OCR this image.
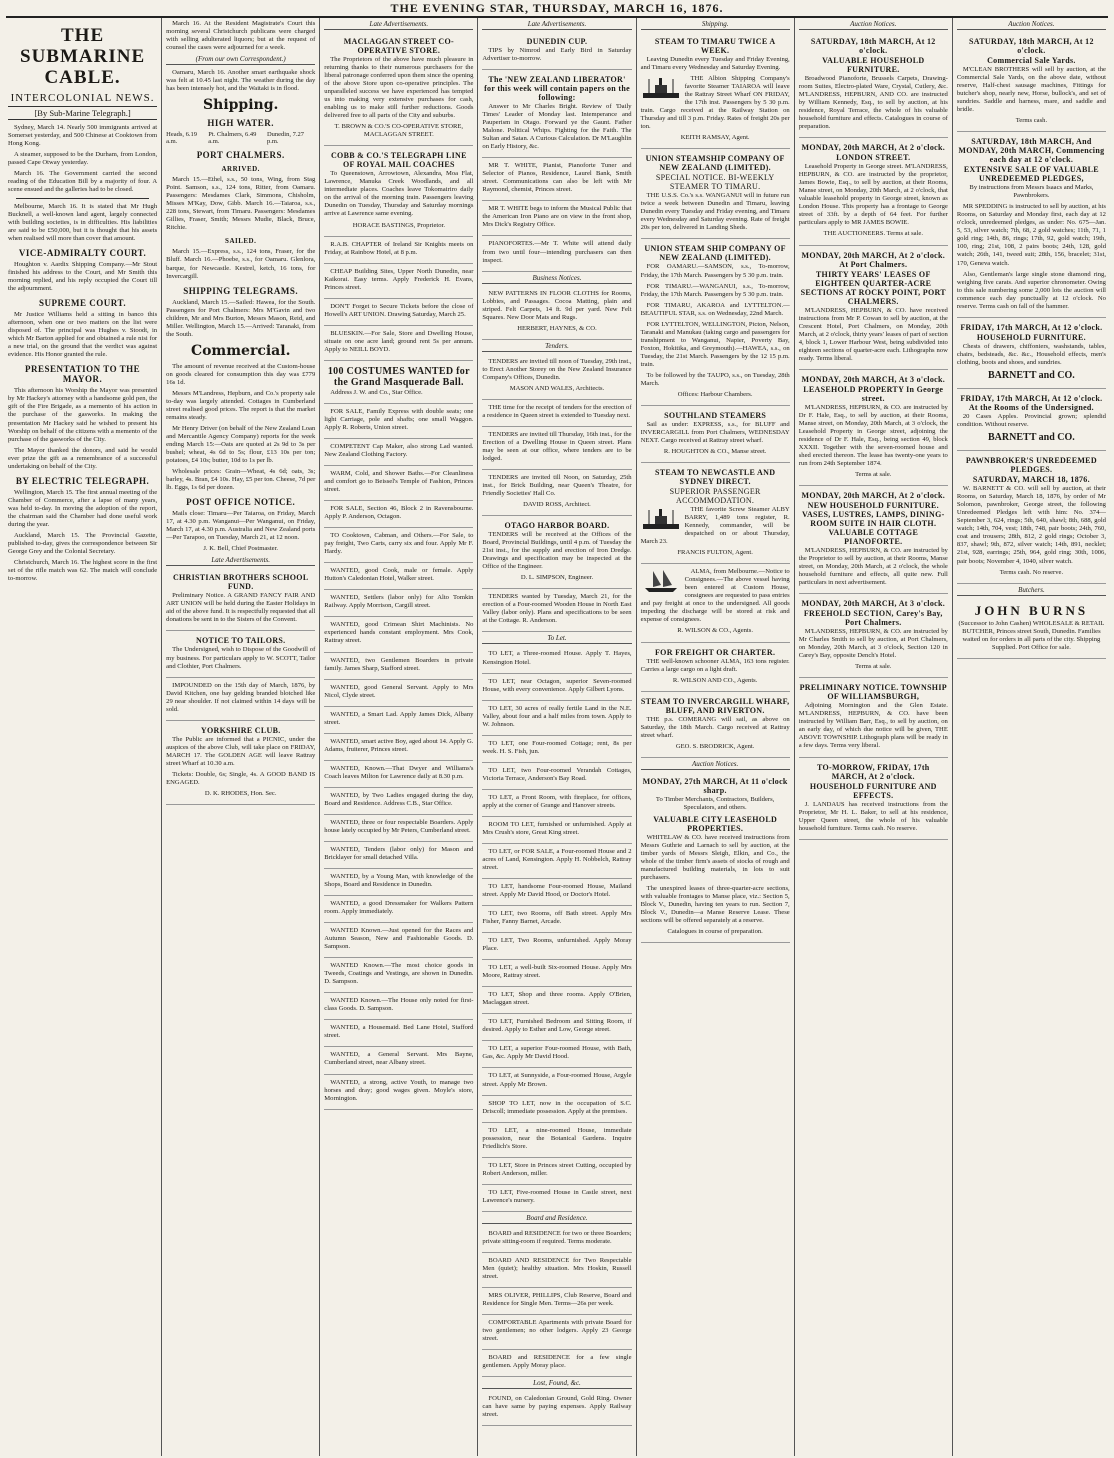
THE EVENING STAR, THURSDAY, MARCH 16, 1876.
THE SUBMARINE CABLE.
INTERCOLONIAL NEWS.
[By Sub-Marine Telegraph.]

Sydney, March 14. Nearly 500 immigrants arrived at Somerset yesterday, and 500 Chinese at Cooktown from Hong Kong.

A steamer, supposed to be the Durham, from London, passed Cape Otway yesterday.

March 16. The Government carried the second reading of the Education Bill by a majority of four. A scene ensued and the galleries had to be closed.

Melbourne, March 16. It is stated that Mr Hugh Bucknell, a well-known land agent, largely connected with building societies, is in difficulties. His liabilities are said to be £50,000, but it is thought that his assets when realised will more than cover that amount.

VICE-ADMIRALTY COURT.

Houghton v. Aardix Shipping Company.—Mr Stout finished his address to the Court, and Mr Smith this morning replied, and his reply occupied the Court till the adjournment.

SUPREME COURT.

Mr Justice Williams held a sitting in banco this afternoon, when one or two matters on the list were disposed of. The principal was Hughes v. Stoodt, in which Mr Barton applied for and obtained a rule nisi for a new trial, on the ground that the verdict was against evidence. His Honor granted the rule.

PRESENTATION TO THE MAYOR.

This afternoon his Worship the Mayor was presented by Mr Hackey's attorney with a handsome gold pen, the gift of the Fire Brigade, as a memento of his action in the purchase of the gasworks. In making the presentation Mr Hackey said he wished to present his Worship on behalf of the citizens with a memento of the purchase of the gasworks of the City.

The Mayor thanked the donors, and said he would ever prize the gift as a remembrance of a successful undertaking on behalf of the City.

BY ELECTRIC TELEGRAPH.

Wellington, March 15. The first annual meeting of the Chamber of Commerce, after a lapse of many years, was held to-day. In moving the adoption of the report, the chairman said the Chamber had done useful work during the year.

Auckland, March 15. The Provincial Gazette, published to-day, gives the correspondence between Sir George Grey and the Colonial Secretary.

Christchurch, March 16. The highest score in the first set of the rifle match was 62. The match will conclude to-morrow.

March 16. At the Resident Magistrate's Court this morning several Christchurch publicans were charged with selling adulterated liquors; but at the request of counsel the cases were adjourned for a week.

(From our own Correspondent.)

Oamaru, March 16. Another smart earthquake shock was felt at 10.45 last night. The weather during the day has been intensely hot, and the Waitaki is in flood.

Shipping.
HIGH WATER.
Heads, 6.19 a.m.
Pt. Chalmers, 6.49 a.m.
Dunedin, 7.27 p.m.
PORT CHALMERS.
ARRIVED.

March 15.—Ethel, s.s., 50 tons, Wing, from Stag Point. Samson, s.s., 124 tons, Ritter, from Oamaru. Passengers: Mesdames Clark, Simmons, Chisholm, Misses M'Kay, Dow, Gibb. March 16.—Taiaroa, s.s., 228 tons, Stewart, from Timaru. Passengers: Mesdames Gillies, Fraser, Smith; Messrs Mudie, Black, Bruce, Ritchie.

SAILED.

March 15.—Express, s.s., 124 tons, Fraser, for the Bluff. March 16.—Phoebe, s.s., for Oamaru. Glenlora, barque, for Newcastle. Kestrel, ketch, 16 tons, for Invercargill.

SHIPPING TELEGRAMS.

Auckland, March 15.—Sailed: Hawea, for the South. Passengers for Port Chalmers: Mrs M'Gavin and two children, Mr and Mrs Burton, Messrs Mason, Reid, and Miller. Wellington, March 15.—Arrived: Taranaki, from the South.

Commercial.

The amount of revenue received at the Custom-house on goods cleared for consumption this day was £779 16s 1d.

Messrs M'Landress, Hepburn, and Co.'s property sale to-day was largely attended. Cottages in Cumberland street realised good prices. The report is that the market remains steady.

Mr Henry Driver (on behalf of the New Zealand Loan and Mercantile Agency Company) reports for the week ending March 15:—Oats are quoted at 2s 9d to 3s per bushel; wheat, 4s 6d to 5s; flour, £13 10s per ton; potatoes, £4 10s; butter, 10d to 1s per lb.

Wholesale prices: Grain—Wheat, 4s 6d; oats, 3s; barley, 4s. Bran, £4 10s. Hay, £5 per ton. Cheese, 7d per lb. Eggs, 1s 6d per dozen.

POST OFFICE NOTICE.

Mails close: Timaru—Per Taiaroa, on Friday, March 17, at 4.30 p.m. Wanganui—Per Wanganui, on Friday, March 17, at 4.30 p.m. Australia and New Zealand ports—Per Tarapoo, on Tuesday, March 21, at 12 noon.

J. K. Bell, Chief Postmaster.

Late Advertisements.
CHRISTIAN BROTHERS SCHOOL FUND.

Preliminary Notice. A GRAND FANCY FAIR AND ART UNION will be held during the Easter Holidays in aid of the above fund. It is respectfully requested that all donations be sent in to the Sisters of the Convent.

NOTICE TO TAILORS.

The Undersigned, wish to Dispose of the Goodwill of my business. For particulars apply to W. SCOTT, Tailor and Clothier, Port Chalmers.

IMPOUNDED on the 15th day of March, 1876, by David Kitchen, one bay gelding branded blotched like 29 near shoulder. If not claimed within 14 days will be sold.

YORKSHIRE CLUB.

The Public are informed that a PICNIC, under the auspices of the above Club, will take place on FRIDAY, MARCH 17. The GOLDEN AGE will leave Rattray street Wharf at 10.30 a.m.

Tickets: Double, 6s; Single, 4s. A GOOD BAND IS ENGAGED.

D. K. RHODES, Hon. Sec.

Late Advertisements.
MACLAGGAN STREET CO-OPERATIVE STORE.

The Proprietors of the above have much pleasure in returning thanks to their numerous purchasers for the liberal patronage conferred upon them since the opening of the above Store upon co-operative principles. The unparalleled success we have experienced has tempted us into making very extensive purchases for cash, enabling us to make still further reductions. Goods delivered free to all parts of the City and suburbs.

T. BROWN & CO.'S CO-OPERATIVE STORE, MACLAGGAN STREET.

COBB & CO.'S TELEGRAPH LINE OF ROYAL MAIL COACHES

To Queenstown, Arrowtown, Alexandra, Moa Flat, Lawrence, Manuka Creek Woodlands, and all intermediate places. Coaches leave Tokomairiro daily on the arrival of the morning train. Passengers leaving Dunedin on Tuesday, Thursday and Saturday mornings arrive at Lawrence same evening.

HORACE BASTINGS, Proprietor.

R.A.B. CHAPTER of Ireland Sir Knights meets on Friday, at Rainbow Hotel, at 8 p.m.

CHEAP Building Sites, Upper North Dunedin, near Kaikorai. Easy terms. Apply Frederick H. Evans, Princes street.

DON'T Forget to Secure Tickets before the close of Howell's ART UNION. Drawing Saturday, March 25.

BLUESKIN.—For Sale, Store and Dwelling House, situate on one acre land; ground rent 5s per annum. Apply to NEILL BOYD.

100 COSTUMES WANTED for the Grand Masquerade Ball.

Address J. W. and Co., Star Office.

FOR SALE, Family Express with double seats; one light Carriage, pole and shafts; one small Waggon. Apply R. Roberts, Union street.

COMPETENT Cap Maker, also strong Lad wanted. New Zealand Clothing Factory.

WARM, Cold, and Shower Baths.—For Cleanliness and comfort go to Beissel's Temple of Fashion, Princes street.

FOR SALE, Section 46, Block 2 in Ravensbourne. Apply P. Anderson, Octagon.

TO Cooktown, Cabman, and Others.—For Sale, to pay freight, Two Carts, carry six and four. Apply Mr F. Hardy.

WANTED, good Cook, male or female. Apply Hutton's Caledonian Hotel, Walker street.

WANTED, Settlers (labor only) for Alto Tomkin Railway. Apply Morrison, Cargill street.

WANTED, good Crimean Shirt Machinists. No experienced hands constant employment. Mrs Cook, Rattray street.

WANTED, two Gentlemen Boarders in private family. James Sharp, Stafford street.

WANTED, good General Servant. Apply to Mrs Nicol, Clyde street.

WANTED, a Smart Lad. Apply James Dick, Albany street.

WANTED, smart active Boy, aged about 14. Apply G. Adams, fruiterer, Princes street.

WANTED, Known.—That Dwyer and Williams's Coach leaves Milton for Lawrence daily at 8.30 p.m.

WANTED, by Two Ladies engaged during the day, Board and Residence. Address C.B., Star Office.

WANTED, three or four respectable Boarders. Apply house lately occupied by Mr Peters, Cumberland street.

WANTED, Tenders (labor only) for Mason and Bricklayer for small detached Villa.

WANTED, by a Young Man, with knowledge of the Shops, Board and Residence in Dunedin.

WANTED, a good Dressmaker for Walkers Pattern room. Apply immediately.

WANTED Known.—Just opened for the Races and Autumn Season, New and Fashionable Goods. D. Sampson.

WANTED Known.—The most choice goods in Tweeds, Coatings and Vestings, are shown in Dunedin. D. Sampson.

WANTED Known.—The House only noted for first-class Goods. D. Sampson.

WANTED, a Housemaid. Bed Lane Hotel, Stafford street.

WANTED, a General Servant. Mrs Bayne, Cumberland street, near Albany street.

WANTED, a strong, active Youth, to manage two horses and dray; good wages given. Moyle's store, Mornington.

Late Advertisements.
DUNEDIN CUP.

TIPS by Nimrod and Early Bird in Saturday Advertiser to-morrow.

The 'NEW ZEALAND LIBERATOR' for this week will contain papers on the following:

Answer to Mr Charles Bright. Review of 'Daily Times' Leader of Monday last. Intemperance and Pauperism in Otago. Forward ye the Gaunt. Father Malone. Political Whips. Fighting for the Faith. The Sultan and Satan. A Curious Calculation. Dr M'Laughlin on Early History, &c.

MR T. WHITE, Pianist, Pianoforte Tuner and Selector of Pianos, Residence, Laurel Bank, Smith street. Communications can also be left with Mr Raymond, chemist, Princes street.

MR T. WHITE begs to inform the Musical Public that the American Iron Piano are on view in the front shop, Mrs Dick's Registry Office.

PIANOFORTES.—Mr T. White will attend daily from two until four—intending purchasers can then inspect.

Business Notices.

NEW PATTERNS IN FLOOR CLOTHS for Rooms, Lobbies, and Passages. Cocoa Matting, plain and striped. Felt Carpets, 14 ft. 9d per yard. New Felt Squares. New Door Mats and Rugs.

HERBERT, HAYNES, & CO.

Tenders.

TENDERS are invited till noon of Tuesday, 29th inst., to Erect Another Storey on the New Zealand Insurance Company's Offices, Dunedin.

MASON AND WALES, Architects.

THE time for the receipt of tenders for the erection of a residence in Queen street is extended to Tuesday next.

TENDERS are invited till Thursday, 16th inst., for the Erection of a Dwelling House in Queen street. Plans may be seen at our office, where tenders are to be lodged.

TENDERS are invited till Noon, on Saturday, 25th inst., for Brick Building, near Queen's Theatre, for Friendly Societies' Hall Co.

DAVID ROSS, Architect.

OTAGO HARBOR BOARD.

TENDERS will be received at the Offices of the Board, Provincial Buildings, until 4 p.m. of Tuesday the 21st inst., for the supply and erection of Iron Dredge. Drawings and specification may be inspected at the Office of the Engineer.

D. L. SIMPSON, Engineer.

TENDERS wanted by Tuesday, March 21, for the erection of a Four-roomed Wooden House in North East Valley (labor only). Plans and specifications to be seen at the Cottage. R. Anderson.

To Let.

TO LET, a Three-roomed House. Apply T. Hayes, Kensington Hotel.

TO LET, near Octagon, superior Seven-roomed House, with every convenience. Apply Gilbert Lyons.

TO LET, 30 acres of really fertile Land in the N.E. Valley, about four and a half miles from town. Apply to W. Johnson.

TO LET, one Four-roomed Cottage; rent, 8s per week. H. S. Fish, jun.

TO LET, two Four-roomed Verandah Cottages, Victoria Terrace, Anderson's Bay Road.

TO LET, a Front Room, with fireplace, for offices, apply at the corner of Grange and Hanover streets.

ROOM TO LET, furnished or unfurnished. Apply at Mrs Crush's store, Great King street.

TO LET, or FOR SALE, a Four-roomed House and 2 acres of Land, Kensington. Apply H. Nobbelch, Rattray street.

TO LET, handsome Four-roomed House, Mailand street. Apply Mr David Hood, or Doctor's Hotel.

TO LET, two Rooms, off Bath street. Apply Mrs Fisher, Fanny Barnet, Arcade.

TO LET, Two Rooms, unfurnished. Apply Moray Place.

TO LET, a well-built Six-roomed House. Apply Mrs Moore, Rattray street.

TO LET, Shop and three rooms. Apply O'Brien, Maclaggan street.

TO LET, Furnished Bedroom and Sitting Room, if desired. Apply to Esther and Low, George street.

TO LET, a superior Four-roomed House, with Bath, Gas, &c. Apply Mr David Hood.

TO LET, at Sunnyside, a Four-roomed House, Argyle street. Apply Mr Brown.

SHOP TO LET, now in the occupation of S.C. Driscoll; immediate possession. Apply at the premises.

TO LET, a nine-roomed House, immediate possession, near the Botanical Gardens. Inquire Friedlich's Store.

TO LET, Store in Princes street Cutting, occupied by Robert Anderson, miller.

TO LET, Five-roomed House in Castle street, next Lawrence's nursery.

Board and Residence.

BOARD and RESIDENCE for two or three Boarders; private sitting-room if required. Terms moderate.

BOARD AND RESIDENCE for Two Respectable Men (quiet); healthy situation. Mrs Hoskin, Russell street.

MRS OLIVER, PHILLIPS, Club Reserve, Board and Residence for Single Men. Terms—26s per week.

COMFORTABLE Apartments with private Board for two gentlemen; no other lodgers. Apply 23 George street.

BOARD and RESIDENCE for a few single gentlemen. Apply Moray place.

Lost, Found, &c.

FOUND, on Caledonian Ground, Gold Ring. Owner can have same by paying expenses. Apply Railway street.

Shipping.
STEAM TO TIMARU TWICE A WEEK.

Leaving Dunedin every Tuesday and Friday Evening, and Timaru every Wednesday and Saturday Evening.

THE Albion Shipping Company's favorite Steamer TAIAROA will leave the Rattray Street Wharf ON FRIDAY, the 17th inst. Passengers by 5 30 p.m. train. Cargo received at the Railway Station on Thursday and till 3 p.m. Friday. Rates of freight 20s per ton.

KEITH RAMSAY, Agent.

UNION STEAMSHIP COMPANY OF NEW ZEALAND (LIMITED).
SPECIAL NOTICE. BI-WEEKLY STEAMER TO TIMARU.

THE U.S.S. Co.'s s.s. WANGANUI will in future run twice a week between Dunedin and Timaru, leaving Dunedin every Tuesday and Friday evening, and Timaru every Wednesday and Saturday evening. Rate of freight 20s per ton, delivered in Landing Sheds.

UNION STEAM SHIP COMPANY OF NEW ZEALAND (LIMITED).

FOR OAMARU.—SAMSON, s.s., To-morrow, Friday, the 17th March. Passengers by 5 30 p.m. train.

FOR TIMARU.—WANGANUI, s.s., To-morrow, Friday, the 17th March. Passengers by 5 30 p.m. train.

FOR TIMARU, AKAROA and LYTTELTON.—BEAUTIFUL STAR, s.s. on Wednesday, 22nd March.

FOR LYTTELTON, WELLINGTON, Picton, Nelson, Taranaki and Manukau (taking cargo and passengers for transhipment to Wanganui, Napier, Poverty Bay, Foxton, Hokitika, and Greymouth).—HAWEA, s.s., on Tuesday, the 21st March. Passengers by the 12 15 p.m. train.

To be followed by the TAUPO, s.s., on Tuesday, 28th March.

Offices: Harbour Chambers.

SOUTHLAND STEAMERS

Sail as under: EXPRESS, s.s., for BLUFF and INVERCARGILL from Port Chalmers, WEDNESDAY NEXT. Cargo received at Rattray street wharf.

R. HOUGHTON & CO., Manse street.

STEAM TO NEWCASTLE AND SYDNEY DIRECT.
SUPERIOR PASSENGER ACCOMMODATION.

THE favorite Screw Steamer ALBY BARRY, 1,489 tons register, R. Kennedy, commander, will be despatched on or about Thursday, March 23.

FRANCIS FULTON, Agent.

ALMA, from Melbourne.—Notice to Consignees.—The above vessel having been entered at Custom House, consignees are requested to pass entries and pay freight at once to the undersigned. All goods impeding the discharge will be stored at risk and expense of consignees.

R. WILSON & CO., Agents.

FOR FREIGHT OR CHARTER.

THE well-known schooner ALMA, 163 tons register. Carries a large cargo on a light draft.

R. WILSON AND CO., Agents.

STEAM TO INVERCARGILL WHARF, BLUFF, AND RIVERTON.

THE p.s. COMERANG will sail, as above on Saturday, the 18th March. Cargo received at Rattray street wharf.

GEO. S. BRODRICK, Agent.

Auction Notices.
MONDAY, 27th MARCH, At 11 o'clock sharp.

To Timber Merchants, Contractors, Builders, Speculators, and others.

VALUABLE CITY LEASEHOLD PROPERTIES.

WHITELAW & CO. have received instructions from Messrs Guthrie and Larnach to sell by auction, at the timber yards of Messrs Sleigh, Elkin, and Co., the whole of the timber firm's assets of stocks of rough and manufactured building materials, in lots to suit purchasers.

The unexpired leases of three-quarter-acre sections, with valuable frontages to Manse place, viz.: Section 5, Block V., Dunedin, having ten years to run. Section 7, Block V., Dunedin—a Manse Reserve Lease. These sections will be offered separately at a reserve.

Catalogues in course of preparation.

Auction Notices.
SATURDAY, 18th MARCH, At 12 o'clock.
VALUABLE HOUSEHOLD FURNITURE.

Broadwood Pianoforte, Brussels Carpets, Drawing-room Suites, Electro-plated Ware, Crystal, Cutlery, &c. M'LANDRESS, HEPBURN, AND CO. are instructed by William Kennedy, Esq., to sell by auction, at his residence, Royal Terrace, the whole of his valuable household furniture and effects. Catalogues in course of preparation.

MONDAY, 20th MARCH, At 2 o'clock.
LONDON STREET.

Leasehold Property in George street. M'LANDRESS, HEPBURN, & CO. are instructed by the proprietor, James Bowie, Esq., to sell by auction, at their Rooms, Manse street, on Monday, 20th March, at 2 o'clock, that valuable leasehold property in George street, known as London House. This property has a frontage to George street of 33ft. by a depth of 64 feet. For further particulars apply to MR JAMES BOWIE.

THE AUCTIONEERS. Terms at sale.

MONDAY, 20th MARCH, At 2 o'clock. At Port Chalmers.
THIRTY YEARS' LEASES OF EIGHTEEN QUARTER-ACRE SECTIONS AT ROCKY POINT, PORT CHALMERS.

M'LANDRESS, HEPBURN, & CO. have received instructions from Mr P. Cowan to sell by auction, at the Crescent Hotel, Port Chalmers, on Monday, 20th March, at 2 o'clock, thirty years' leases of part of section 4, block 1, Lower Harbour West, being subdivided into eighteen sections of quarter-acre each. Lithographs now ready. Terms liberal.

MONDAY, 20th MARCH, At 3 o'clock.
LEASEHOLD PROPERTY In George street.

M'LANDRESS, HEPBURN, & CO. are instructed by Dr F. Hale, Esq., to sell by auction, at their Rooms, Manse street, on Monday, 20th March, at 3 o'clock, the Leasehold Property in George street, adjoining the residence of Dr F. Hale, Esq., being section 49, block XXXII. Together with the seven-roomed house and shed erected thereon. The lease has twenty-one years to run from 24th September 1874.

Terms at sale.

MONDAY, 20th MARCH, At 2 o'clock.
NEW HOUSEHOLD FURNITURE. VASES, LUSTRES, LAMPS, DINING-ROOM SUITE IN HAIR CLOTH. VALUABLE COTTAGE PIANOFORTE.

M'LANDRESS, HEPBURN, & CO. are instructed by the Proprietor to sell by auction, at their Rooms, Manse street, on Monday, 20th March, at 2 o'clock, the whole household furniture and effects, all quite new. Full particulars in next advertisement.

MONDAY, 20th MARCH, At 3 o'clock.
FREEHOLD SECTION, Carey's Bay, Port Chalmers.

M'LANDRESS, HEPBURN, & CO. are instructed by Mr Charles Smith to sell by auction, at Port Chalmers, on Monday, 20th March, at 3 o'clock, Section 120 in Carey's Bay, opposite Dench's Hotel.

Terms at sale.

PRELIMINARY NOTICE. TOWNSHIP OF WILLIAMSBURGH,

Adjoining Mornington and the Glen Estate. M'LANDRESS, HEPBURN, & CO. have been instructed by William Barr, Esq., to sell by auction, on an early day, of which due notice will be given, THE ABOVE TOWNSHIP. Lithograph plans will be ready in a few days. Terms very liberal.

TO-MORROW, FRIDAY, 17th MARCH, At 2 o'clock.
HOUSEHOLD FURNITURE AND EFFECTS.

J. LANDAUS has received instructions from the Proprietor, Mr H. L. Baker, to sell at his residence, Upper Queen street, the whole of his valuable household furniture. Terms cash. No reserve.

Auction Notices.
SATURDAY, 18th MARCH, At 12 o'clock.
Commercial Sale Yards.

M'CLEAN BROTHERS will sell by auction, at the Commercial Sale Yards, on the above date, without reserve, Half-chest sausage machines, Fittings for butcher's shop, nearly new, Horse, bullock's, and set of sundries. Saddle and harness, mare, and saddle and bridle.

Terms cash.

SATURDAY, 18th MARCH, And MONDAY, 20th MARCH, Commencing each day at 12 o'clock.
EXTENSIVE SALE OF VALUABLE UNREDEEMED PLEDGES,

By instructions from Messrs Isaacs and Marks, Pawnbrokers.

MR SPEDDING is instructed to sell by auction, at his Rooms, on Saturday and Monday first, each day at 12 o'clock, unredeemed pledges, as under: No. 675—Jan. 5, 53, silver watch; 7th, 68, 2 gold watches; 11th, 71, 1 gold ring; 14th, 86, rings; 17th, 92, gold watch; 19th, 100, ring; 21st, 108, 2 pairs boots; 24th, 128, gold watch; 26th, 141, tweed suit; 28th, 156, bracelet; 31st, 170, Geneva watch.

Also, Gentleman's large single stone diamond ring, weighing five carats. And superior chronometer. Owing to this sale numbering some 2,000 lots the auction will commence each day punctually at 12 o'clock. No reserve. Terms cash on fall of the hammer.

FRIDAY, 17th MARCH, At 12 o'clock.
HOUSEHOLD FURNITURE.

Chests of drawers, chiffoniers, washstands, tables, chairs, bedsteads, &c. &c., Household effects, men's clothing, boots and shoes, and sundries.

BARNETT and CO.

FRIDAY, 17th MARCH, At 12 o'clock. At the Rooms of the Undersigned.

20 Cases Apples. Provincial grown; splendid condition. Without reserve.

BARNETT and CO.

PAWNBROKER'S UNREDEEMED PLEDGES.
SATURDAY, MARCH 18, 1876.

W. BARNETT & CO. will sell by auction, at their Rooms, on Saturday, March 18, 1876, by order of Mr Solomon, pawnbroker, George street, the following Unredeemed Pledges left with him: No. 374—September 3, 624, rings; 5th, 640, shawl; 8th, 688, gold watch; 14th, 704, vest; 18th, 748, pair boots; 24th, 760, coat and trousers; 28th, 812, 2 gold rings; October 3, 837, shawl; 9th, 872, silver watch; 14th, 891, necklet; 21st, 928, earrings; 25th, 964, gold ring; 30th, 1006, pair boots; November 4, 1040, silver watch.

Terms cash. No reserve.

Butchers.
JOHN BURNS

(Successor to John Cashen) WHOLESALE & RETAIL BUTCHER, Princes street South, Dunedin. Families waited on for orders in all parts of the city. Shipping Supplied. Port Office for sale.
